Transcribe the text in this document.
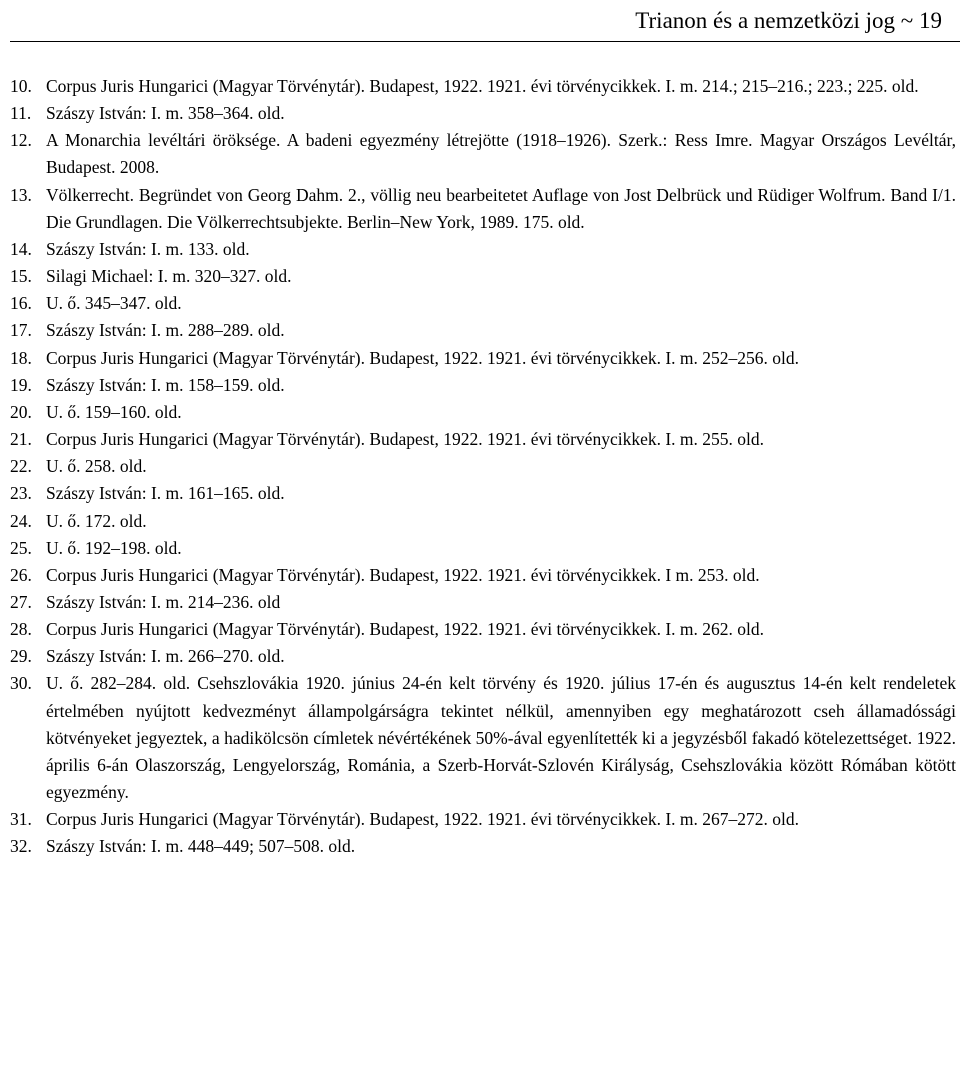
Trianon és a nemzetközi jog ~ 19
10. Corpus Juris Hungarici (Magyar Törvénytár). Budapest, 1922. 1921. évi törvénycikkek. I. m. 214.; 215–216.; 223.; 225. old.
11. Szászy István: I. m. 358–364. old.
12. A Monarchia levéltári öröksége. A badeni egyezmény létrejötte (1918–1926). Szerk.: Ress Imre. Magyar Országos Levéltár, Budapest. 2008.
13. Völkerrecht. Begründet von Georg Dahm. 2., völlig neu bearbeitetet Auflage von Jost Delbrück und Rüdiger Wolfrum. Band I/1. Die Grundlagen. Die Völkerrechtsubjekte. Berlin–New York, 1989. 175. old.
14. Szászy István: I. m. 133. old.
15. Silagi Michael: I. m. 320–327. old.
16. U. ő. 345–347. old.
17. Szászy István: I. m. 288–289. old.
18. Corpus Juris Hungarici (Magyar Törvénytár). Budapest, 1922. 1921. évi törvénycikkek. I. m. 252–256. old.
19. Szászy István: I. m. 158–159. old.
20. U. ő. 159–160. old.
21. Corpus Juris Hungarici (Magyar Törvénytár). Budapest, 1922. 1921. évi törvénycikkek. I. m. 255. old.
22. U. ő. 258. old.
23. Szászy István: I. m. 161–165. old.
24. U. ő. 172. old.
25. U. ő. 192–198. old.
26. Corpus Juris Hungarici (Magyar Törvénytár). Budapest, 1922. 1921. évi törvénycikkek. I m. 253. old.
27. Szászy István: I. m. 214–236. old
28. Corpus Juris Hungarici (Magyar Törvénytár). Budapest, 1922. 1921. évi törvénycikkek. I. m. 262. old.
29. Szászy István: I. m. 266–270. old.
30. U. ő. 282–284. old. Csehszlovákia 1920. június 24-én kelt törvény és 1920. július 17-én és augusztus 14-én kelt rendeletek értelmében nyújtott kedvezményt állampolgárságra tekintet nélkül, amennyiben egy meghatározott cseh államadóssági kötvényeket jegyeztek, a hadikölcsön címletek névértékének 50%-ával egyenlítették ki a jegyzésből fakadó kötelezettséget. 1922. április 6-án Olaszország, Lengyelország, Románia, a Szerb-Horvát-Szlovén Királyság, Csehszlovákia között Rómában kötött egyezmény.
31. Corpus Juris Hungarici (Magyar Törvénytár). Budapest, 1922. 1921. évi törvénycikkek. I. m. 267–272. old.
32. Szászy István: I. m. 448–449; 507–508. old.
